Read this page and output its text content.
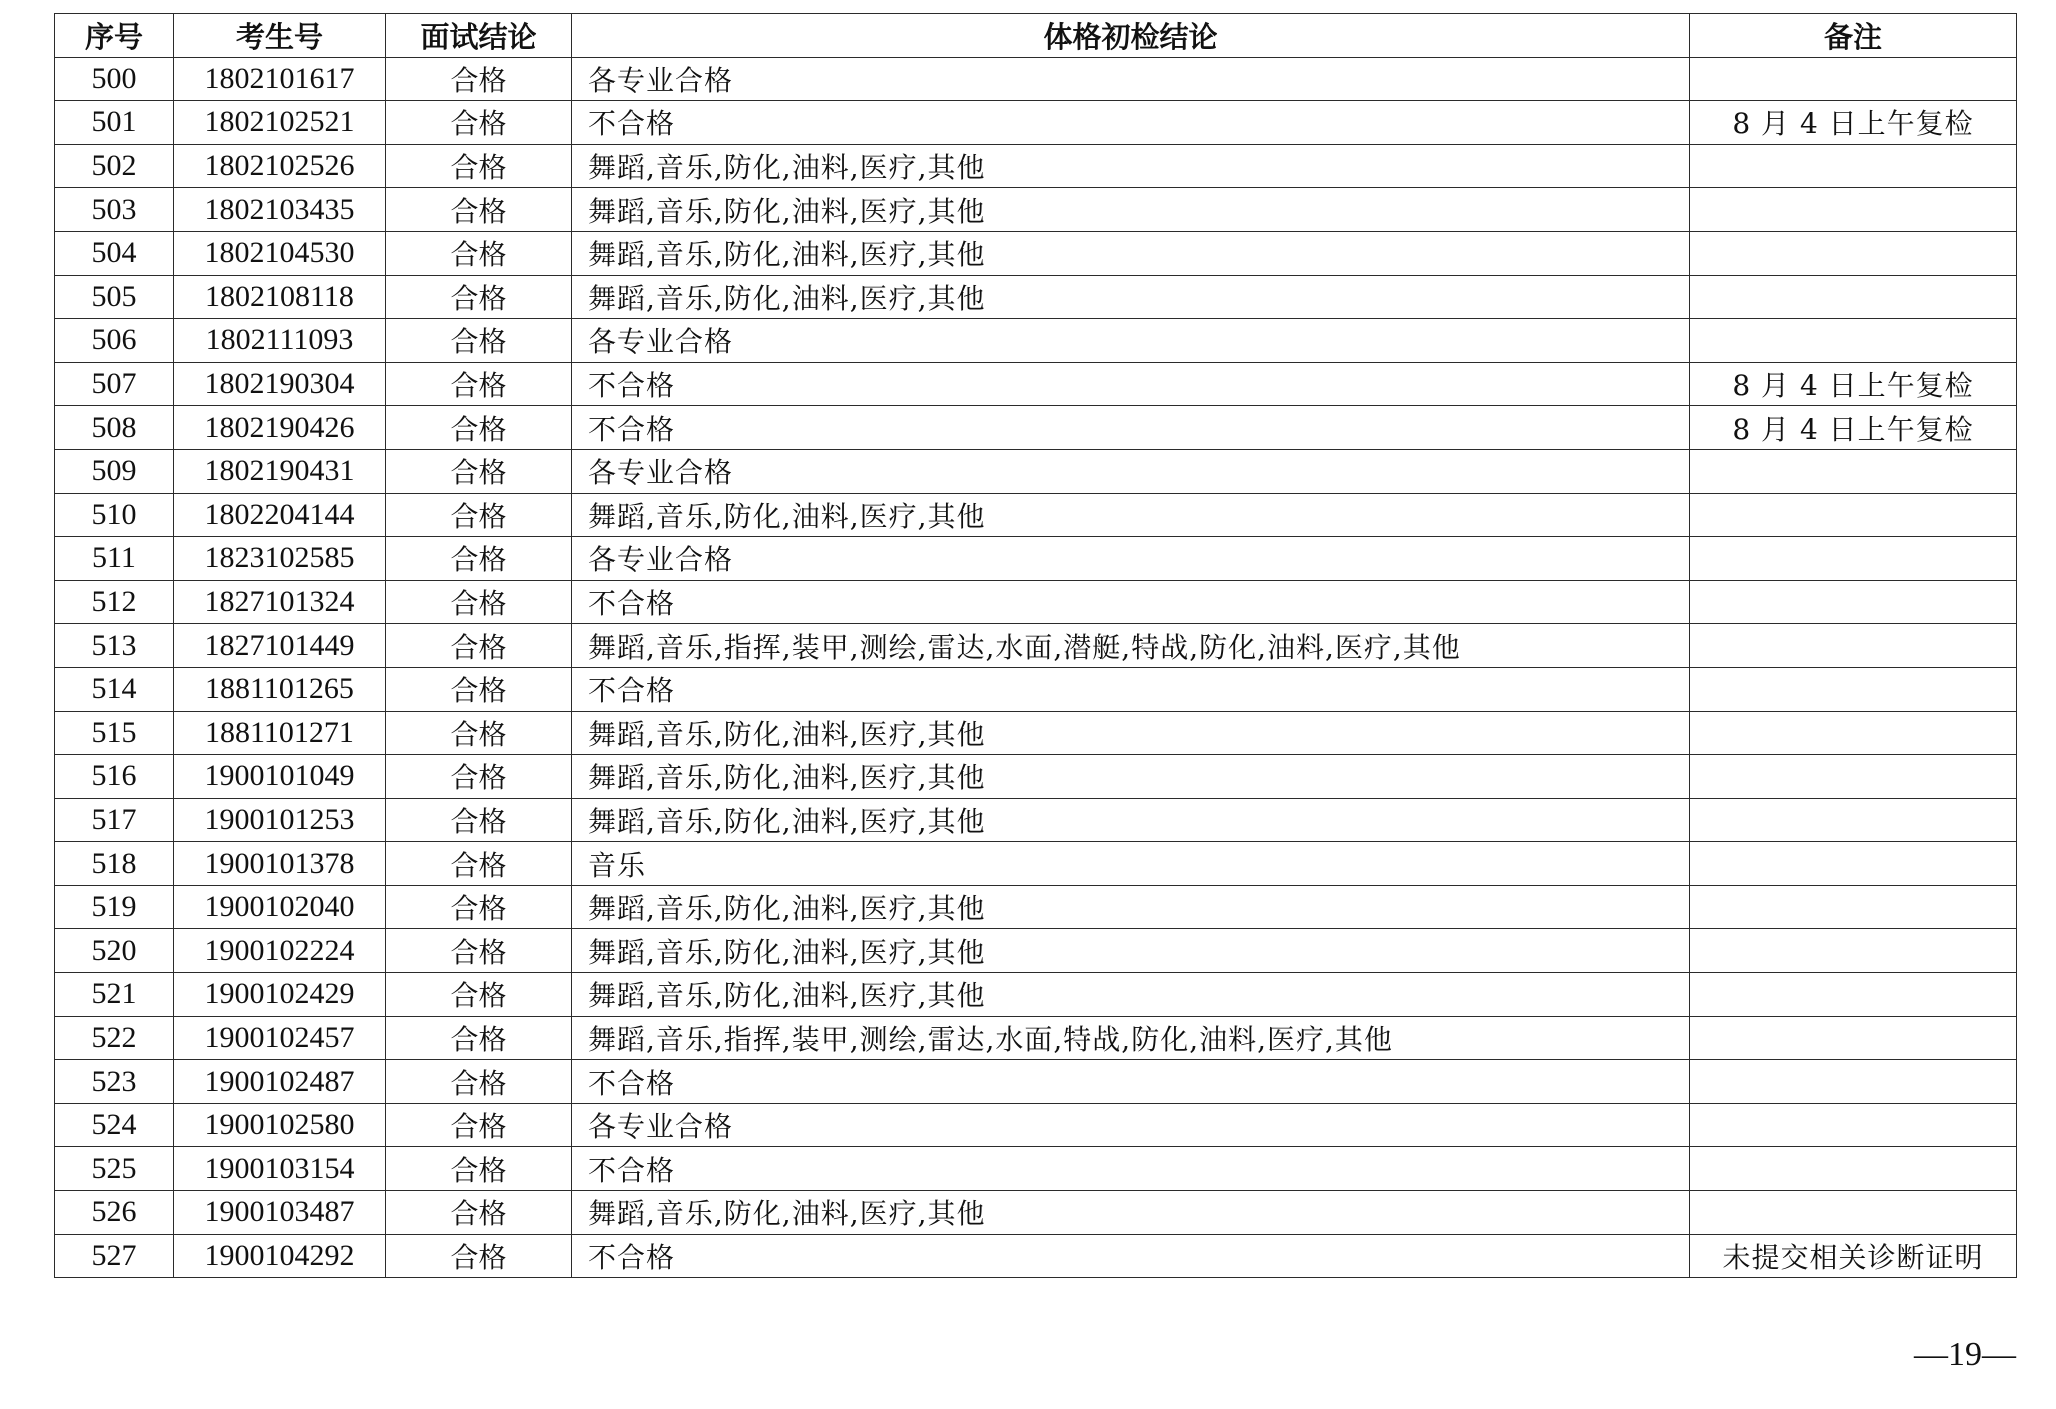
序号	考生号	面试结论	体格初检结论	备注
500	1802101617	合格	各专业合格	
501	1802102521	合格	不合格	8 月 4 日上午复检
502	1802102526	合格	舞蹈,音乐,防化,油料,医疗,其他	
503	1802103435	合格	舞蹈,音乐,防化,油料,医疗,其他	
504	1802104530	合格	舞蹈,音乐,防化,油料,医疗,其他	
505	1802108118	合格	舞蹈,音乐,防化,油料,医疗,其他	
506	1802111093	合格	各专业合格	
507	1802190304	合格	不合格	8 月 4 日上午复检
508	1802190426	合格	不合格	8 月 4 日上午复检
509	1802190431	合格	各专业合格	
510	1802204144	合格	舞蹈,音乐,防化,油料,医疗,其他	
511	1823102585	合格	各专业合格	
512	1827101324	合格	不合格	
513	1827101449	合格	舞蹈,音乐,指挥,装甲,测绘,雷达,水面,潜艇,特战,防化,油料,医疗,其他	
514	1881101265	合格	不合格	
515	1881101271	合格	舞蹈,音乐,防化,油料,医疗,其他	
516	1900101049	合格	舞蹈,音乐,防化,油料,医疗,其他	
517	1900101253	合格	舞蹈,音乐,防化,油料,医疗,其他	
518	1900101378	合格	音乐	
519	1900102040	合格	舞蹈,音乐,防化,油料,医疗,其他	
520	1900102224	合格	舞蹈,音乐,防化,油料,医疗,其他	
521	1900102429	合格	舞蹈,音乐,防化,油料,医疗,其他	
522	1900102457	合格	舞蹈,音乐,指挥,装甲,测绘,雷达,水面,特战,防化,油料,医疗,其他	
523	1900102487	合格	不合格	
524	1900102580	合格	各专业合格	
525	1900103154	合格	不合格	
526	1900103487	合格	舞蹈,音乐,防化,油料,医疗,其他	
527	1900104292	合格	不合格	未提交相关诊断证明
—19—
